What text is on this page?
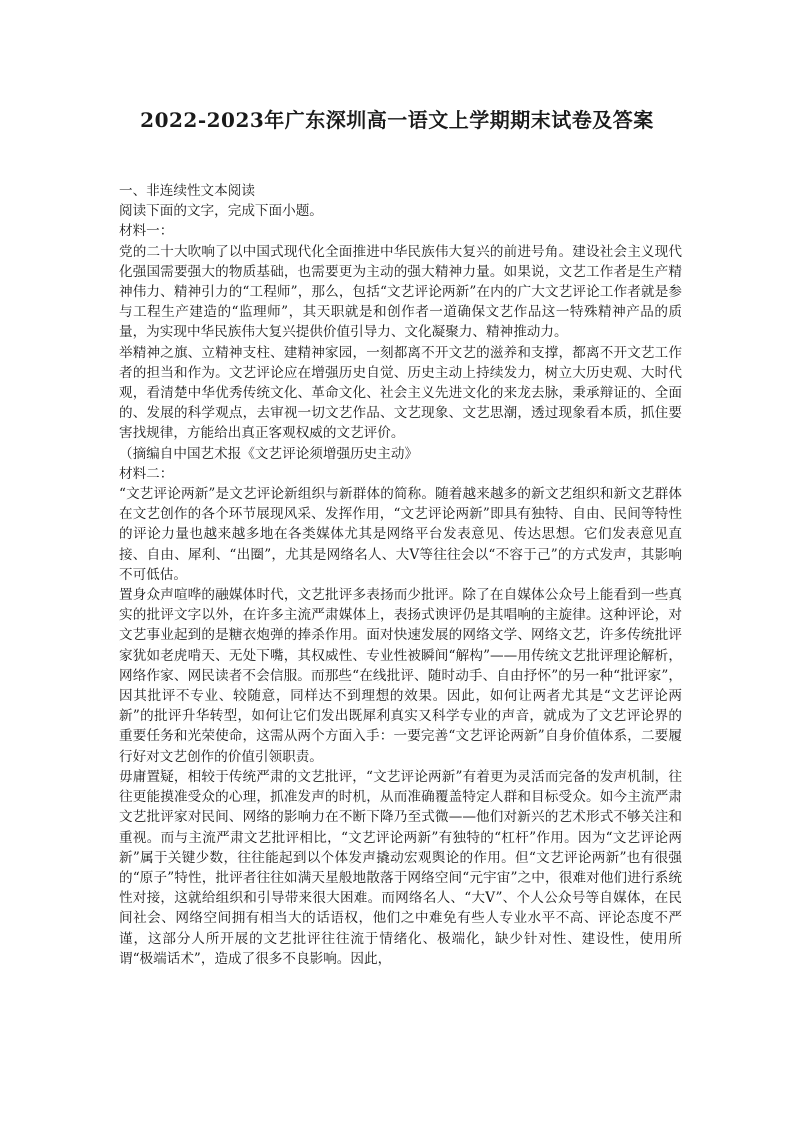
2022-2023年广东深圳高一语文上学期期末试卷及答案

一、非连续性文本阅读

阅读下面的文字，完成下面小题。

材料一：

党的二十大吹响了以中国式现代化全面推进中华民族伟大复兴的前进号角。建设社会主义现代化强国需要强大的物质基础，也需要更为主动的强大精神力量。如果说，文艺工作者是生产精神伟力、精神引力的“工程师”，那么，包括“文艺评论两新”在内的广大文艺评论工作者就是参与工程生产建造的“监理师”，其天职就是和创作者一道确保文艺作品这一特殊精神产品的质量，为实现中华民族伟大复兴提供价值引导力、文化凝聚力、精神推动力。

举精神之旗、立精神支柱、建精神家园，一刻都离不开文艺的滋养和支撑，都离不开文艺工作者的担当和作为。文艺评论应在增强历史自觉、历史主动上持续发力，树立大历史观、大时代观，看清楚中华优秀传统文化、革命文化、社会主义先进文化的来龙去脉，秉承辩证的、全面的、发展的科学观点，去审视一切文艺作品、文艺现象、文艺思潮，透过现象看本质，抓住要害找规律，方能给出真正客观权威的文艺评价。

（摘编自中国艺术报《文艺评论须增强历史主动》

材料二：

“文艺评论两新”是文艺评论新组织与新群体的简称。随着越来越多的新文艺组织和新文艺群体在文艺创作的各个环节展现风采、发挥作用，“文艺评论两新”即具有独特、自由、民间等特性的评论力量也越来越多地在各类媒体尤其是网络平台发表意见、传达思想。它们发表意见直接、自由、犀利、“出圈”，尤其是网络名人、大V等往往会以“不容于己”的方式发声，其影响不可低估。

置身众声喧哗的融媒体时代，文艺批评多表扬而少批评。除了在自媒体公众号上能看到一些真实的批评文字以外，在许多主流严肃媒体上，表扬式谀评仍是其唱响的主旋律。这种评论，对文艺事业起到的是糖衣炮弹的捧杀作用。面对快速发展的网络文学、网络文艺，许多传统批评家犹如老虎啃天、无处下嘴，其权威性、专业性被瞬间“解构”——用传统文艺批评理论解析，网络作家、网民读者不会信服。而那些“在线批评、随时动手、自由抒怀”的另一种“批评家”，因其批评不专业、较随意，同样达不到理想的效果。因此，如何让两者尤其是“文艺评论两新”的批评升华转型，如何让它们发出既犀利真实又科学专业的声音，就成为了文艺评论界的重要任务和光荣使命，这需从两个方面入手：一要完善“文艺评论两新”自身价值体系，二要履行好对文艺创作的价值引领职责。

毋庸置疑，相较于传统严肃的文艺批评，“文艺评论两新”有着更为灵活而完备的发声机制，往往更能摸准受众的心理，抓准发声的时机，从而准确覆盖特定人群和目标受众。如今主流严肃文艺批评家对民间、网络的影响力在不断下降乃至式微——他们对新兴的艺术形式不够关注和重视。而与主流严肃文艺批评相比，“文艺评论两新”有独特的“杠杆”作用。因为“文艺评论两新”属于关键少数，往往能起到以个体发声撬动宏观舆论的作用。但“文艺评论两新”也有很强的“原子”特性，批评者往往如满天星般地散落于网络空间“元宇宙”之中，很难对他们进行系统性对接，这就给组织和引导带来很大困难。而网络名人、“大V”、个人公众号等自媒体，在民间社会、网络空间拥有相当大的话语权，他们之中难免有些人专业水平不高、评论态度不严谨，这部分人所开展的文艺批评往往流于情绪化、极端化，缺少针对性、建设性，使用所谓“极端话术”，造成了很多不良影响。因此，
